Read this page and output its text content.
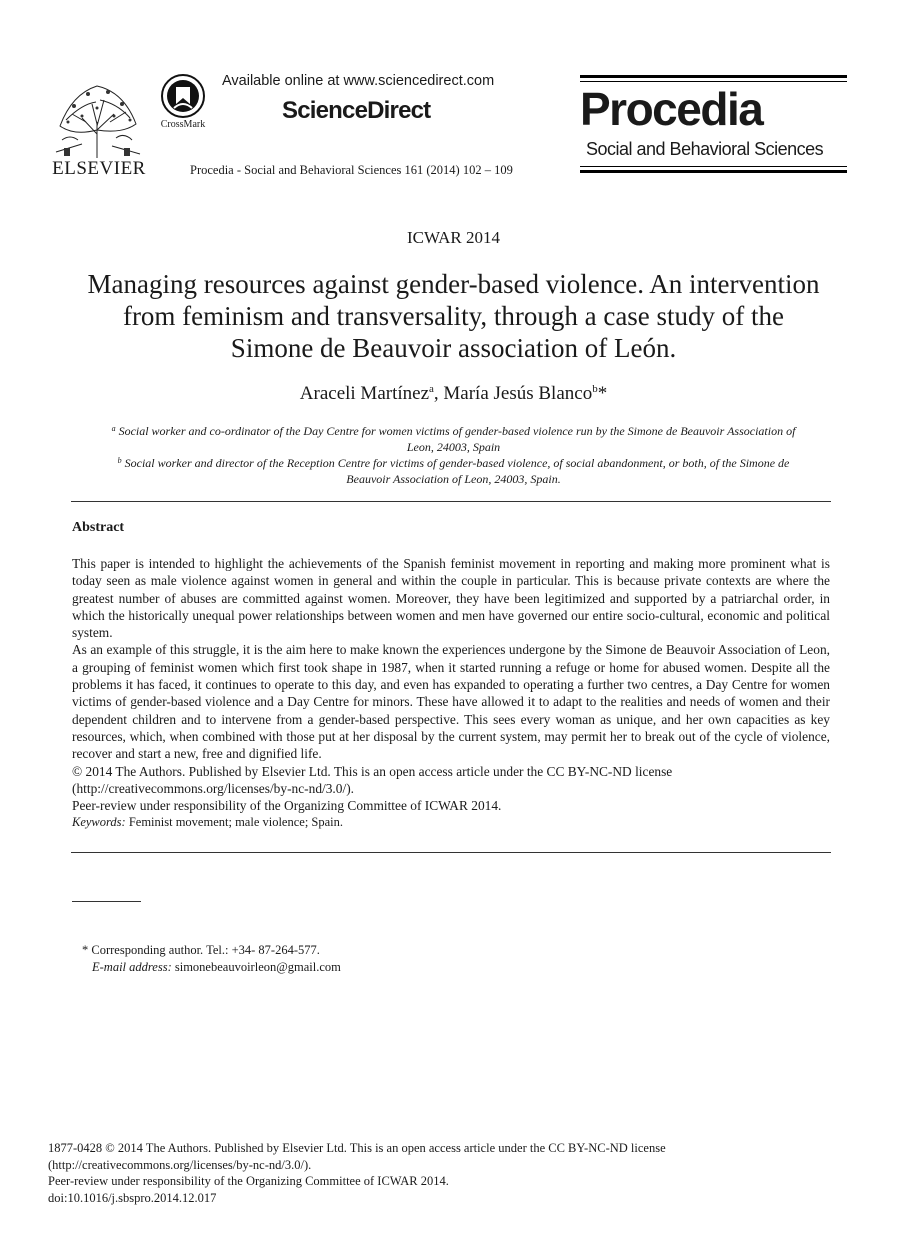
ELSEVIER
CrossMark
Available online at www.sciencedirect.com
ScienceDirect
Procedia - Social and Behavioral Sciences 161 (2014) 102 – 109
Procedia
Social and Behavioral Sciences
ICWAR 2014
Managing resources against gender-based violence. An intervention
from feminism and transversality, through a case study of the
Simone de Beauvoir association of León.
Araceli Martínez$^a$, María Jesús Blanco$^b$*
$^a$ Social worker and co-ordinator of the Day Centre for women victims of gender-based violence run by the Simone de Beauvoir Association of
Leon, 24003, Spain
$^b$ Social worker and director of the Reception Centre for victims of gender-based violence, of social abandonment, or both, of the Simone de
Beauvoir Association of Leon, 24003, Spain.
Abstract

This paper is intended to highlight the achievements of the Spanish feminist movement in reporting and making more prominent what is today seen as male violence against women in general and within the couple in particular. This is because private contexts are where the greatest number of abuses are committed against women. Moreover, they have been legitimized and supported by a patriarchal order, in which the historically unequal power relationships between women and men have governed our entire socio-cultural, economic and political system.

As an example of this struggle, it is the aim here to make known the experiences undergone by the Simone de Beauvoir Association of Leon, a grouping of feminist women which first took shape in 1987, when it started running a refuge or home for abused women. Despite all the problems it has faced, it continues to operate to this day, and even has expanded to operating a further two centres, a Day Centre for women victims of gender-based violence and a Day Centre for minors. These have allowed it to adapt to the realities and needs of women and their dependent children and to intervene from a gender-based perspective. This sees every woman as unique, and her own capacities as key resources, which, when combined with those put at her disposal by the current system, may permit her to break out of the cycle of violence, recover and start a new, free and dignified life.

© 2014 The Authors. Published by Elsevier Ltd. This is an open access article under the CC BY-NC-ND license
(http://creativecommons.org/licenses/by-nc-nd/3.0/).
Peer-review under responsibility of the Organizing Committee of ICWAR 2014.
Keywords: Feminist movement; male violence; Spain.
* Corresponding author. Tel.: +34- 87-264-577.
E-mail address: simonebeauvoirleon@gmail.com
1877-0428 © 2014 The Authors. Published by Elsevier Ltd. This is an open access article under the CC BY-NC-ND license
(http://creativecommons.org/licenses/by-nc-nd/3.0/).
Peer-review under responsibility of the Organizing Committee of ICWAR 2014.
doi:10.1016/j.sbspro.2014.12.017
